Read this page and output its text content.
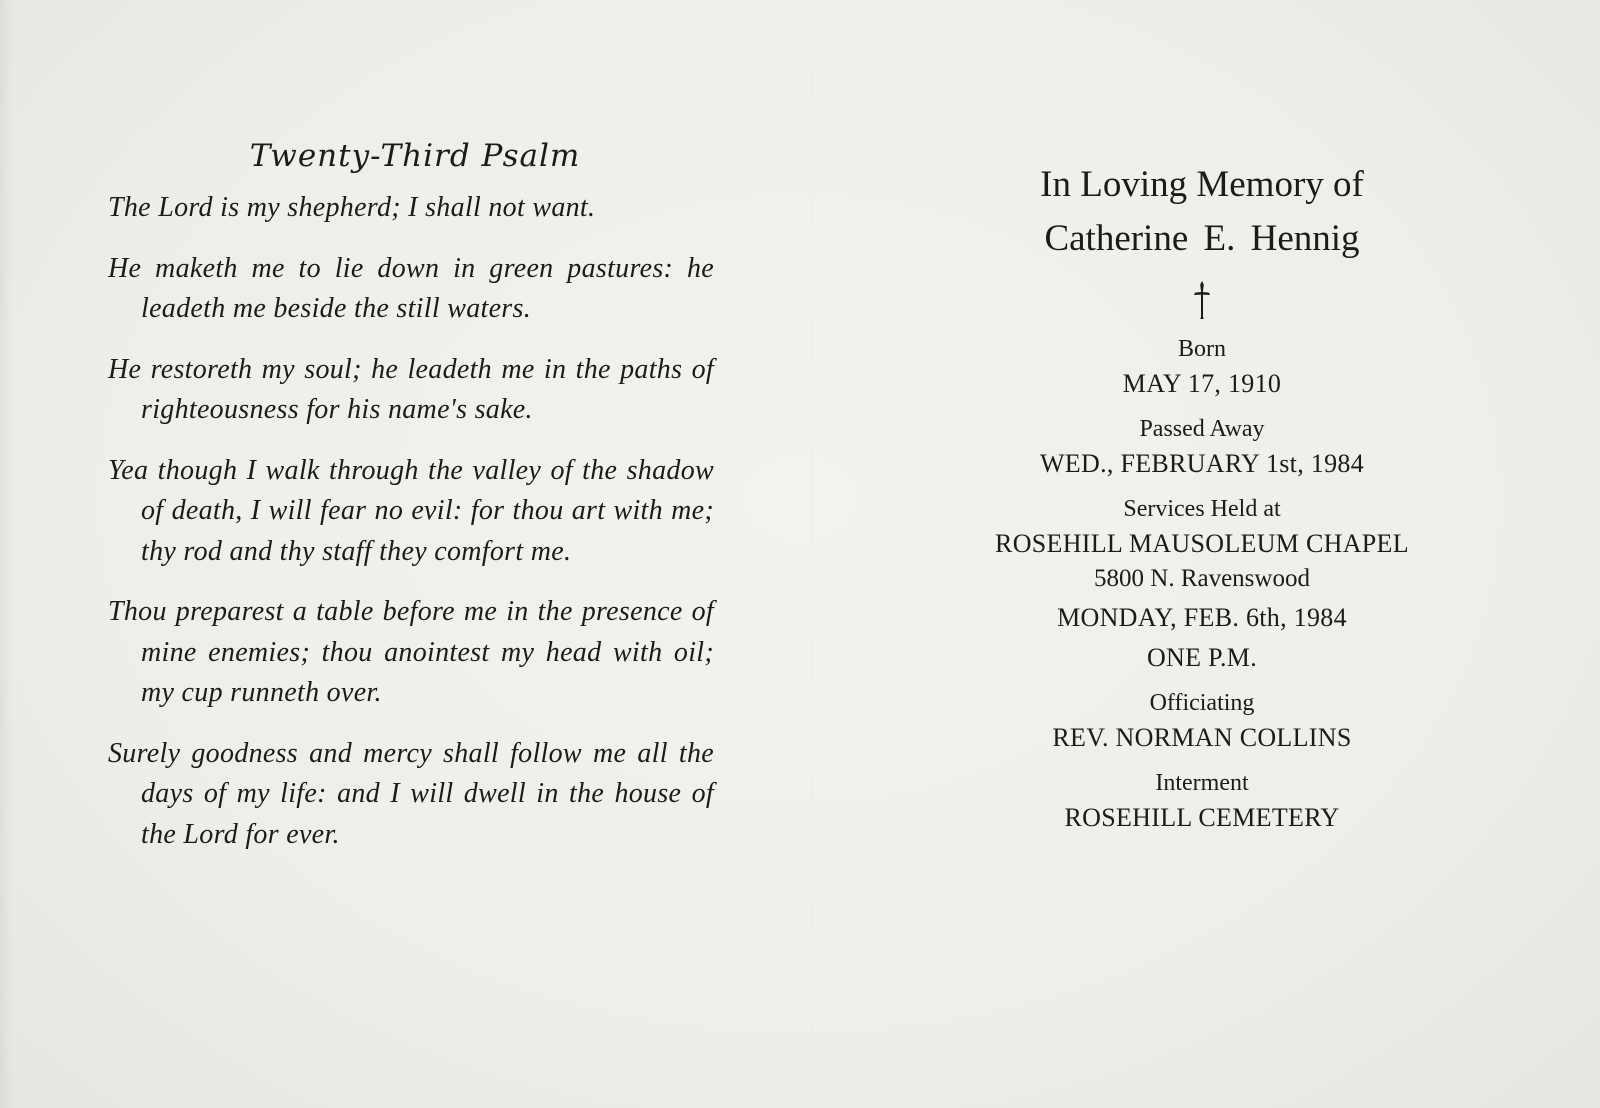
Twenty-Third Psalm

The Lord is my shepherd; I shall not want.

He maketh me to lie down in green pastures: he leadeth me beside the still waters.

He restoreth my soul; he leadeth me in the paths of righteousness for his name's sake.

Yea though I walk through the valley of the shadow of death, I will fear no evil: for thou art with me; thy rod and thy staff they comfort me.

Thou preparest a table before me in the presence of mine enemies; thou anointest my head with oil; my cup runneth over.

Surely goodness and mercy shall follow me all the days of my life: and I will dwell in the house of the Lord for ever.

In Loving Memory of

Catherine E. Hennig

Born

MAY 17, 1910

Passed Away

WED., FEBRUARY 1st, 1984

Services Held at

ROSEHILL MAUSOLEUM CHAPEL

5800 N. Ravenswood

MONDAY, FEB. 6th, 1984

ONE P.M.

Officiating

REV. NORMAN COLLINS

Interment

ROSEHILL CEMETERY
